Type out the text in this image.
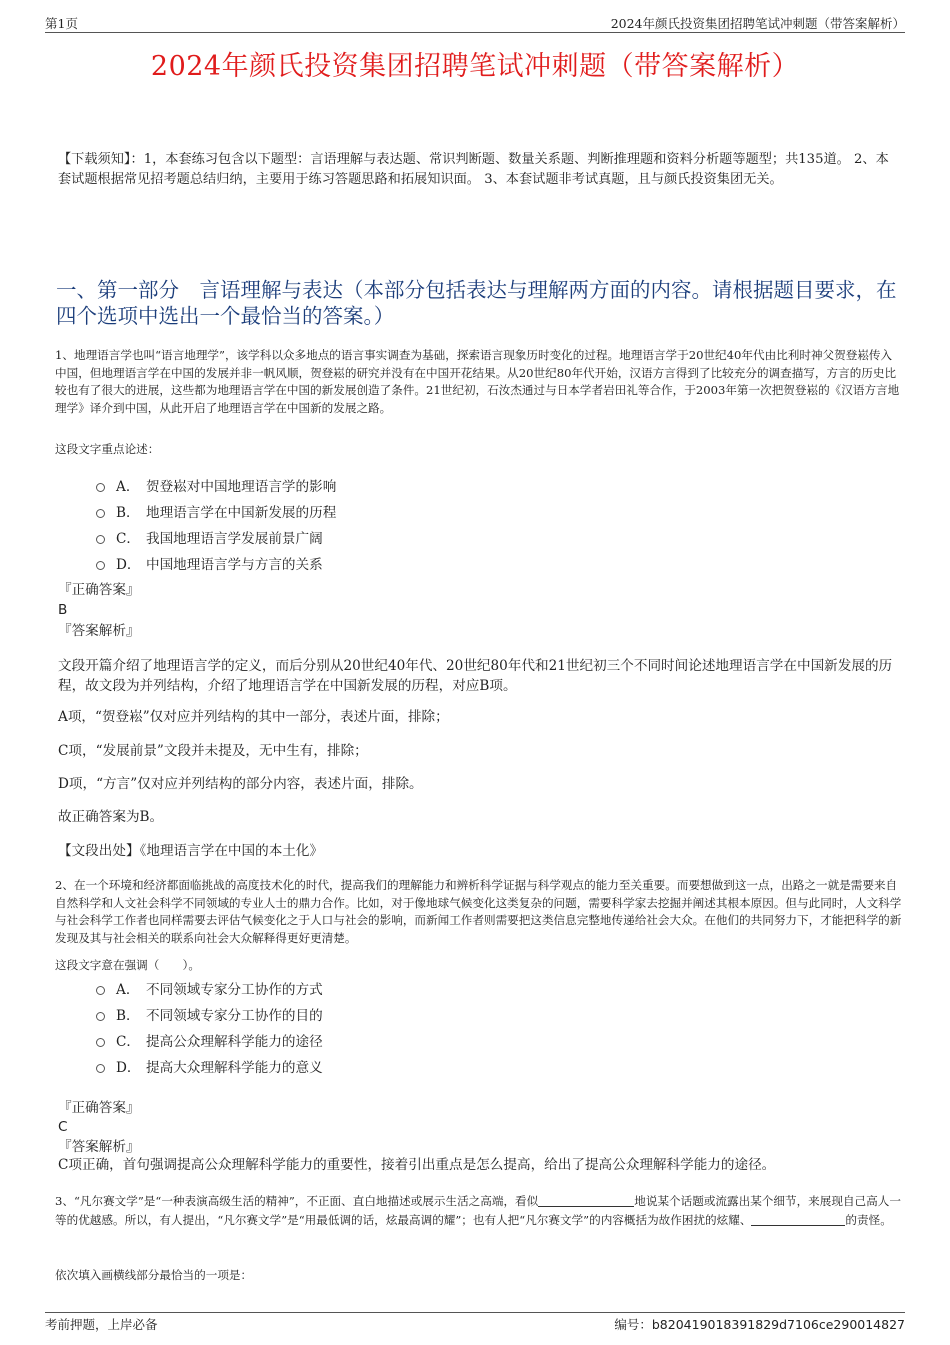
第1页	2024年颜氏投资集团招聘笔试冲刺题（带答案解析）
2024年颜氏投资集团招聘笔试冲刺题（带答案解析）

【下载须知】：1，本套练习包含以下题型：言语理解与表达题、常识判断题、数量关系题、判断推理题和资料分析题等题型；共135道。 2、本套试题根据常见招考题总结归纳，主要用于练习答题思路和拓展知识面。 3、本套试题非考试真题，且与颜氏投资集团无关。

一、第一部分　言语理解与表达（本部分包括表达与理解两方面的内容。请根据题目要求，在四个选项中选出一个最恰当的答案。）

1、地理语言学也叫“语言地理学”，该学科以众多地点的语言事实调查为基础，探索语言现象历时变化的过程。地理语言学于20世纪40年代由比利时神父贺登崧传入中国，但地理语言学在中国的发展并非一帆风顺，贺登崧的研究并没有在中国开花结果。从20世纪80年代开始，汉语方言得到了比较充分的调查描写，方言的历史比较也有了很大的进展，这些都为地理语言学在中国的新发展创造了条件。21世纪初，石汝杰通过与日本学者岩田礼等合作，于2003年第一次把贺登崧的《汉语方言地理学》译介到中国，从此开启了地理语言学在中国新的发展之路。

这段文字重点论述：

A． 贺登崧对中国地理语言学的影响
B． 地理语言学在中国新发展的历程
C． 我国地理语言学发展前景广阔
D． 中国地理语言学与方言的关系
『正确答案』
B
『答案解析』

文段开篇介绍了地理语言学的定义，而后分别从20世纪40年代、20世纪80年代和21世纪初三个不同时间论述地理语言学在中国新发展的历程，故文段为并列结构，介绍了地理语言学在中国新发展的历程，对应B项。

A项，“贺登崧”仅对应并列结构的其中一部分，表述片面，排除；

C项，“发展前景”文段并未提及，无中生有，排除；

D项，“方言”仅对应并列结构的部分内容，表述片面，排除。

故正确答案为B。

【文段出处】《地理语言学在中国的本土化》

2、在一个环境和经济都面临挑战的高度技术化的时代，提高我们的理解能力和辨析科学证据与科学观点的能力至关重要。而要想做到这一点，出路之一就是需要来自自然科学和人文社会科学不同领域的专业人士的鼎力合作。比如，对于像地球气候变化这类复杂的问题，需要科学家去挖掘并阐述其根本原因。但与此同时，人文科学与社会科学工作者也同样需要去评估气候变化之于人口与社会的影响，而新闻工作者则需要把这类信息完整地传递给社会大众。在他们的共同努力下，才能把科学的新发现及其与社会相关的联系向社会大众解释得更好更清楚。

这段文字意在强调（　　）。

A． 不同领域专家分工协作的方式
B． 不同领域专家分工协作的目的
C． 提高公众理解科学能力的途径
D． 提高大众理解科学能力的意义
『正确答案』
C
『答案解析』

C项正确，首句强调提高公众理解科学能力的重要性，接着引出重点是怎么提高，给出了提高公众理解科学能力的途径。

3、“凡尔赛文学”是“一种表演高级生活的精神”，不正面、直白地描述或展示生活之高端，看似	地说某个话题或流露出某个细节，来展现自己高人一等的优越感。所以，有人提出，“凡尔赛文学”是“用最低调的话，炫最高调的耀”；也有人把“凡尔赛文学”的内容概括为故作困扰的炫耀、	的责怪。

依次填入画横线部分最恰当的一项是：

考前押题，上岸必备	编号：b820419018391829d7106ce290014827
